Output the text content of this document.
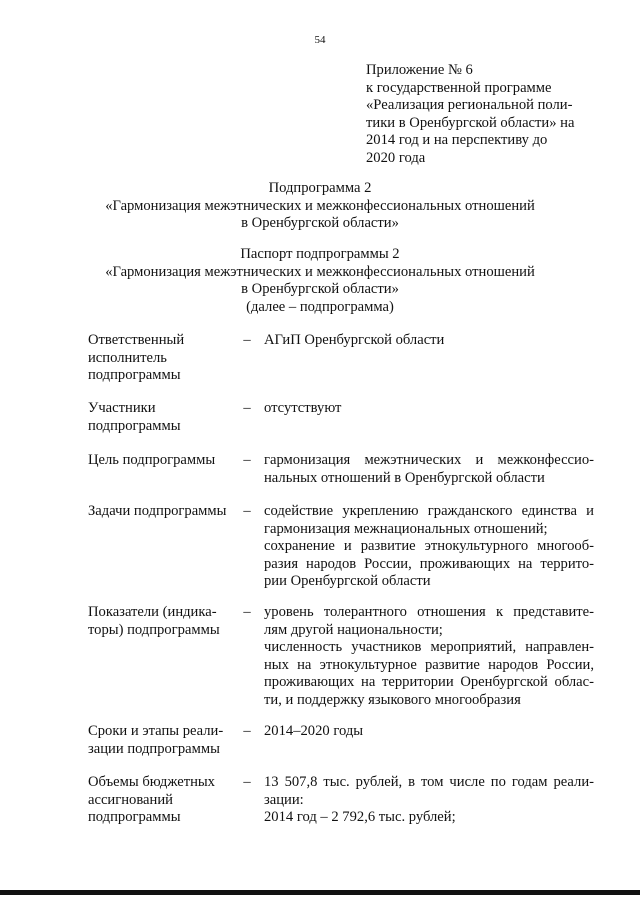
54
Приложение № 6
к государственной программе
«Реализация региональной поли-
тики в Оренбургской области» на
2014 год и на перспективу до
2020 года
Подпрограмма 2
«Гармонизация межэтнических и межконфессиональных отношений
в Оренбургской области»
Паспорт подпрограммы 2
«Гармонизация межэтнических и межконфессиональных отношений
в Оренбургской области»
(далее – подпрограмма)
Ответственный
исполнитель
подпрограммы
– АГиП Оренбургской области
Участники
подпрограммы
– отсутствуют
Цель подпрограммы	– гармонизация межэтнических и межконфессио-
нальных отношений в Оренбургской области
Задачи подпрограммы	– содействие укреплению гражданского единства и
гармонизация межнациональных отношений;
сохранение и развитие этнокультурного многооб-
разия народов России, проживающих на террито-
рии Оренбургской области
Показатели (индика-
торы) подпрограммы
– уровень толерантного отношения к представите-
лям другой национальности;
численность участников мероприятий, направлен-
ных на этнокультурное развитие народов России,
проживающих на территории Оренбургской облас-
ти, и поддержку языкового многообразия
Сроки и этапы реали-
зации подпрограммы
– 2014–2020 годы
Объемы бюджетных
ассигнований
подпрограммы
– 13 507,8 тыс. рублей, в том числе по годам реали-
зации:
2014 год – 2 792,6 тыс. рублей;
